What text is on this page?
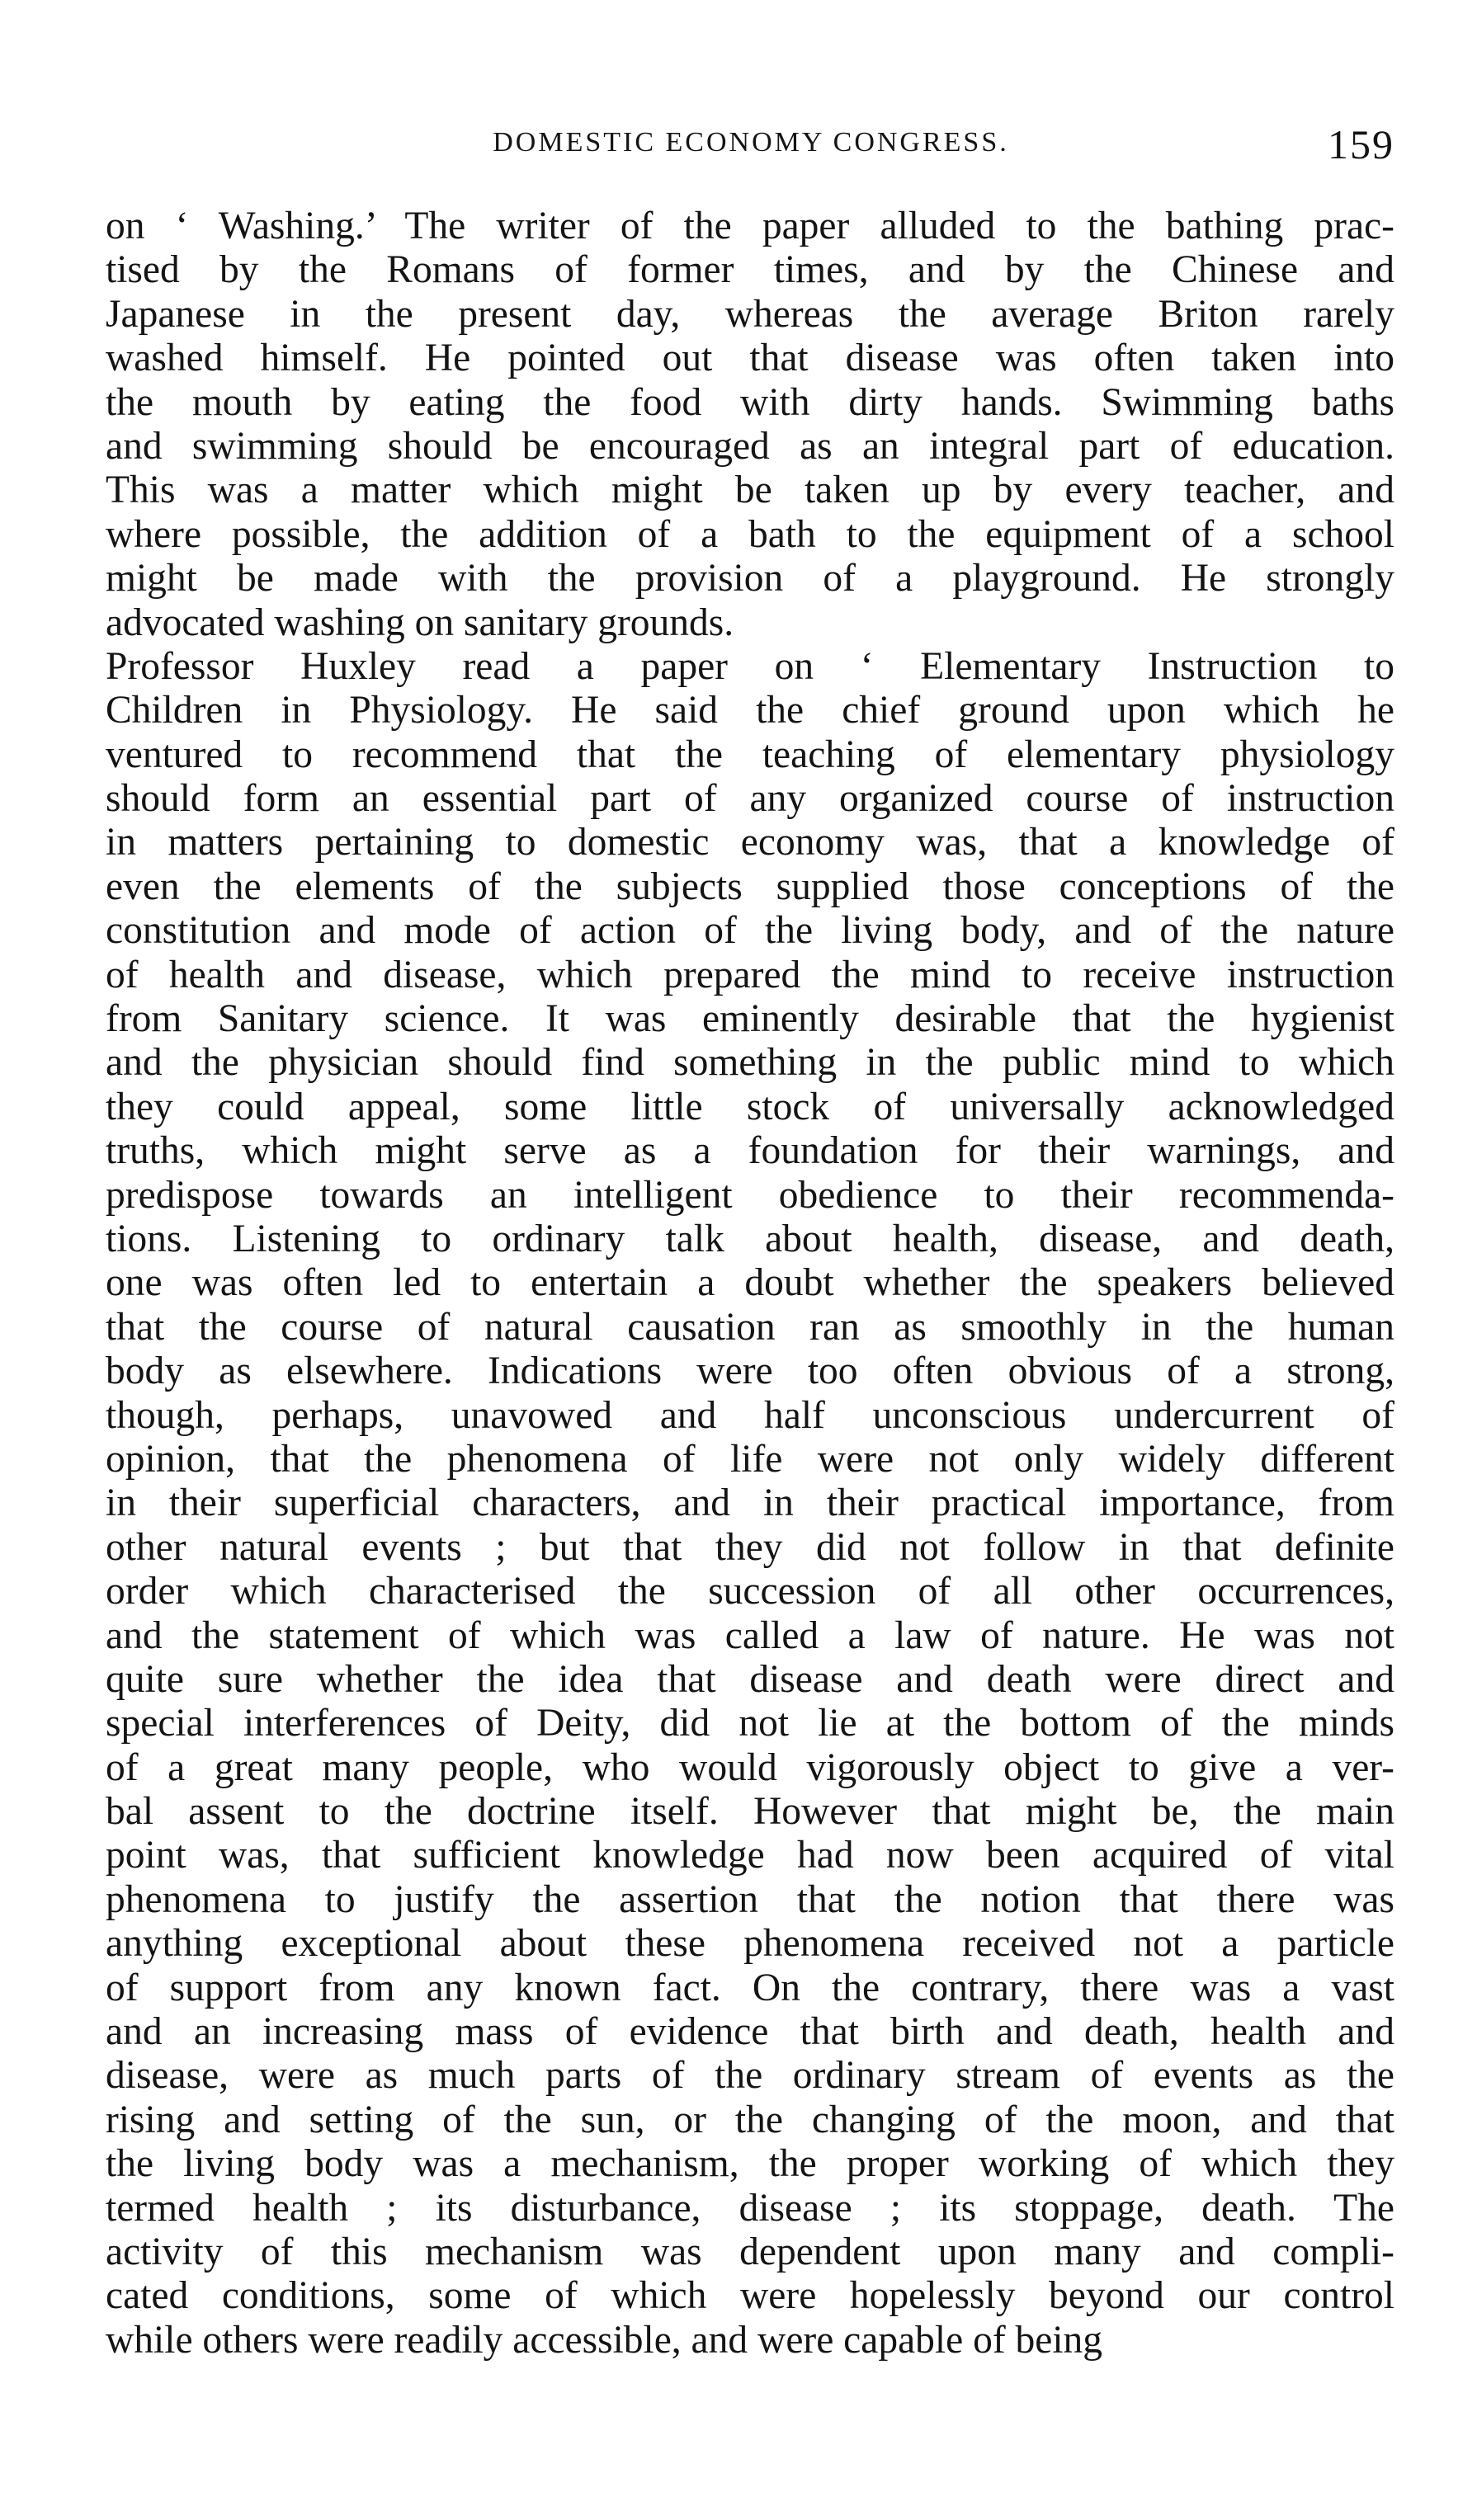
DOMESTIC ECONOMY CONGRESS.	159

on ‘ Washing.’ The writer of the paper alluded to the bathing prac-
tised by the Romans of former times, and by the Chinese and
Japanese in the present day, whereas the average Briton rarely
washed himself. He pointed out that disease was often taken into
the mouth by eating the food with dirty hands. Swimming baths
and swimming should be encouraged as an integral part of education.
This was a matter which might be taken up by every teacher, and
where possible, the addition of a bath to the equipment of a school
might be made with the provision of a playground. He strongly
advocated washing on sanitary grounds.

Professor Huxley read a paper on ‘ Elementary Instruction to
Children in Physiology. He said the chief ground upon which he
ventured to recommend that the teaching of elementary physiology
should form an essential part of any organized course of instruction
in matters pertaining to domestic economy was, that a knowledge of
even the elements of the subjects supplied those conceptions of the
constitution and mode of action of the living body, and of the nature
of health and disease, which prepared the mind to receive instruction
from Sanitary science. It was eminently desirable that the hygienist
and the physician should find something in the public mind to which
they could appeal, some little stock of universally acknowledged
truths, which might serve as a foundation for their warnings, and
predispose towards an intelligent obedience to their recommenda-
tions. Listening to ordinary talk about health, disease, and death,
one was often led to entertain a doubt whether the speakers believed
that the course of natural causation ran as smoothly in the human
body as elsewhere. Indications were too often obvious of a strong,
though, perhaps, unavowed and half unconscious undercurrent of
opinion, that the phenomena of life were not only widely different
in their superficial characters, and in their practical importance, from
other natural events ; but that they did not follow in that definite
order which characterised the succession of all other occurrences,
and the statement of which was called a law of nature. He was not
quite sure whether the idea that disease and death were direct and
special interferences of Deity, did not lie at the bottom of the minds
of a great many people, who would vigorously object to give a ver-
bal assent to the doctrine itself. However that might be, the main
point was, that sufficient knowledge had now been acquired of vital
phenomena to justify the assertion that the notion that there was
anything exceptional about these phenomena received not a particle
of support from any known fact. On the contrary, there was a vast
and an increasing mass of evidence that birth and death, health and
disease, were as much parts of the ordinary stream of events as the
rising and setting of the sun, or the changing of the moon, and that
the living body was a mechanism, the proper working of which they
termed health ; its disturbance, disease ; its stoppage, death. The
activity of this mechanism was dependent upon many and compli-
cated conditions, some of which were hopelessly beyond our control
while others were readily accessible, and were capable of being
